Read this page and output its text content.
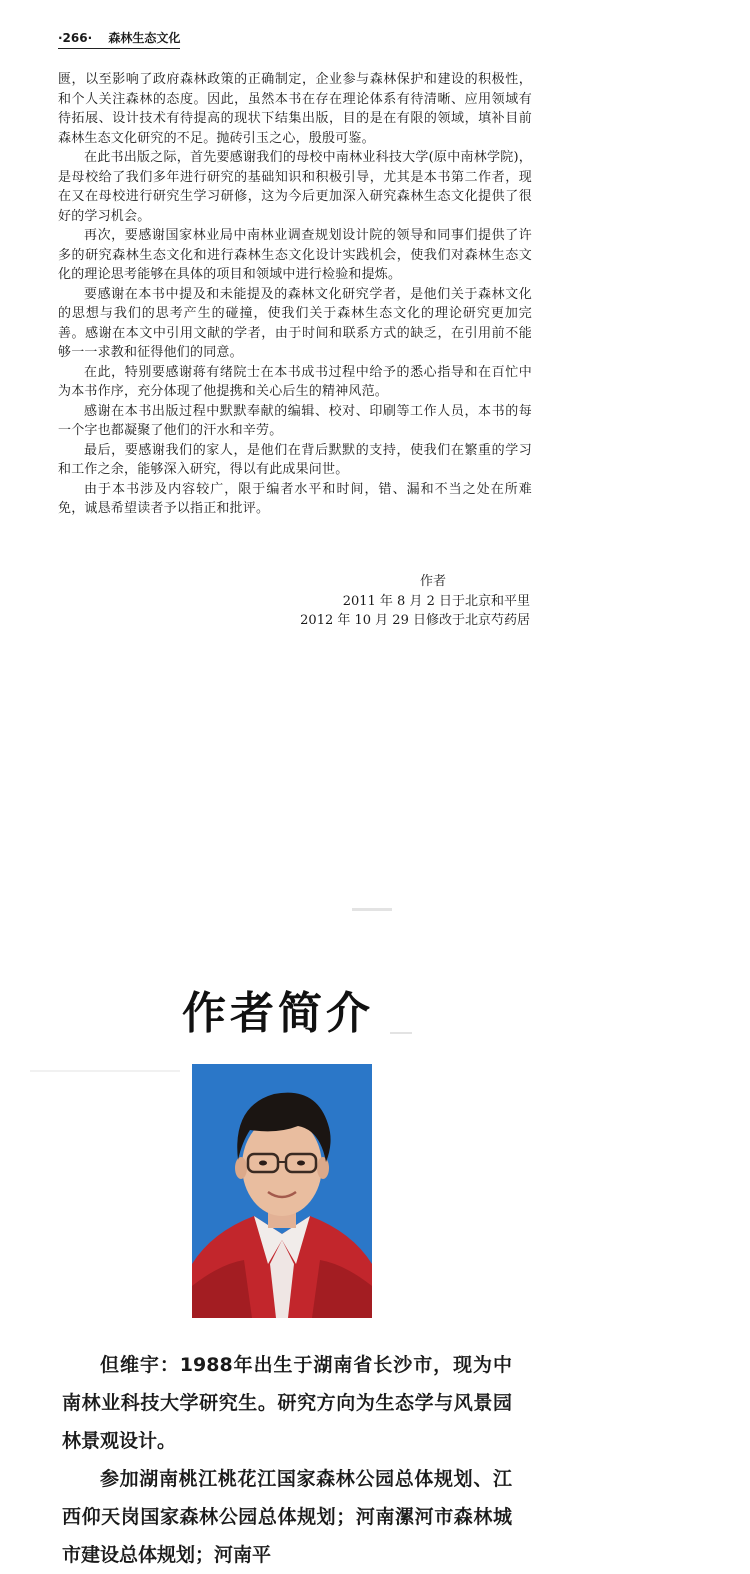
·266· 森林生态文化

匮，以至影响了政府森林政策的正确制定，企业参与森林保护和建设的积极性，和个人关注森林的态度。因此，虽然本书在存在理论体系有待清晰、应用领域有待拓展、设计技术有待提高的现状下结集出版，目的是在有限的领域，填补目前森林生态文化研究的不足。抛砖引玉之心，殷殷可鉴。

在此书出版之际，首先要感谢我们的母校中南林业科技大学(原中南林学院)，是母校给了我们多年进行研究的基础知识和积极引导，尤其是本书第二作者，现在又在母校进行研究生学习研修，这为今后更加深入研究森林生态文化提供了很好的学习机会。

再次，要感谢国家林业局中南林业调查规划设计院的领导和同事们提供了许多的研究森林生态文化和进行森林生态文化设计实践机会，使我们对森林生态文化的理论思考能够在具体的项目和领域中进行检验和提炼。

要感谢在本书中提及和未能提及的森林文化研究学者，是他们关于森林文化的思想与我们的思考产生的碰撞，使我们关于森林生态文化的理论研究更加完善。感谢在本文中引用文献的学者，由于时间和联系方式的缺乏，在引用前不能够一一求教和征得他们的同意。

在此，特别要感谢蒋有绪院士在本书成书过程中给予的悉心指导和在百忙中为本书作序，充分体现了他提携和关心后生的精神风范。

感谢在本书出版过程中默默奉献的编辑、校对、印刷等工作人员，本书的每一个字也都凝聚了他们的汗水和辛劳。

最后，要感谢我们的家人，是他们在背后默默的支持，使我们在繁重的学习和工作之余，能够深入研究，得以有此成果问世。

由于本书涉及内容较广，限于编者水平和时间，错、漏和不当之处在所难免，诚恳希望读者予以指正和批评。

作者
2011 年 8 月 2 日于北京和平里
2012 年 10 月 29 日修改于北京芍药居
作者简介

但维宇：1988年出生于湖南省长沙市，现为中南林业科技大学研究生。研究方向为生态学与风景园林景观设计。

参加湖南桃江桃花江国家森林公园总体规划、江西仰天岗国家森林公园总体规划；河南漯河市森林城市建设总体规划；河南平
